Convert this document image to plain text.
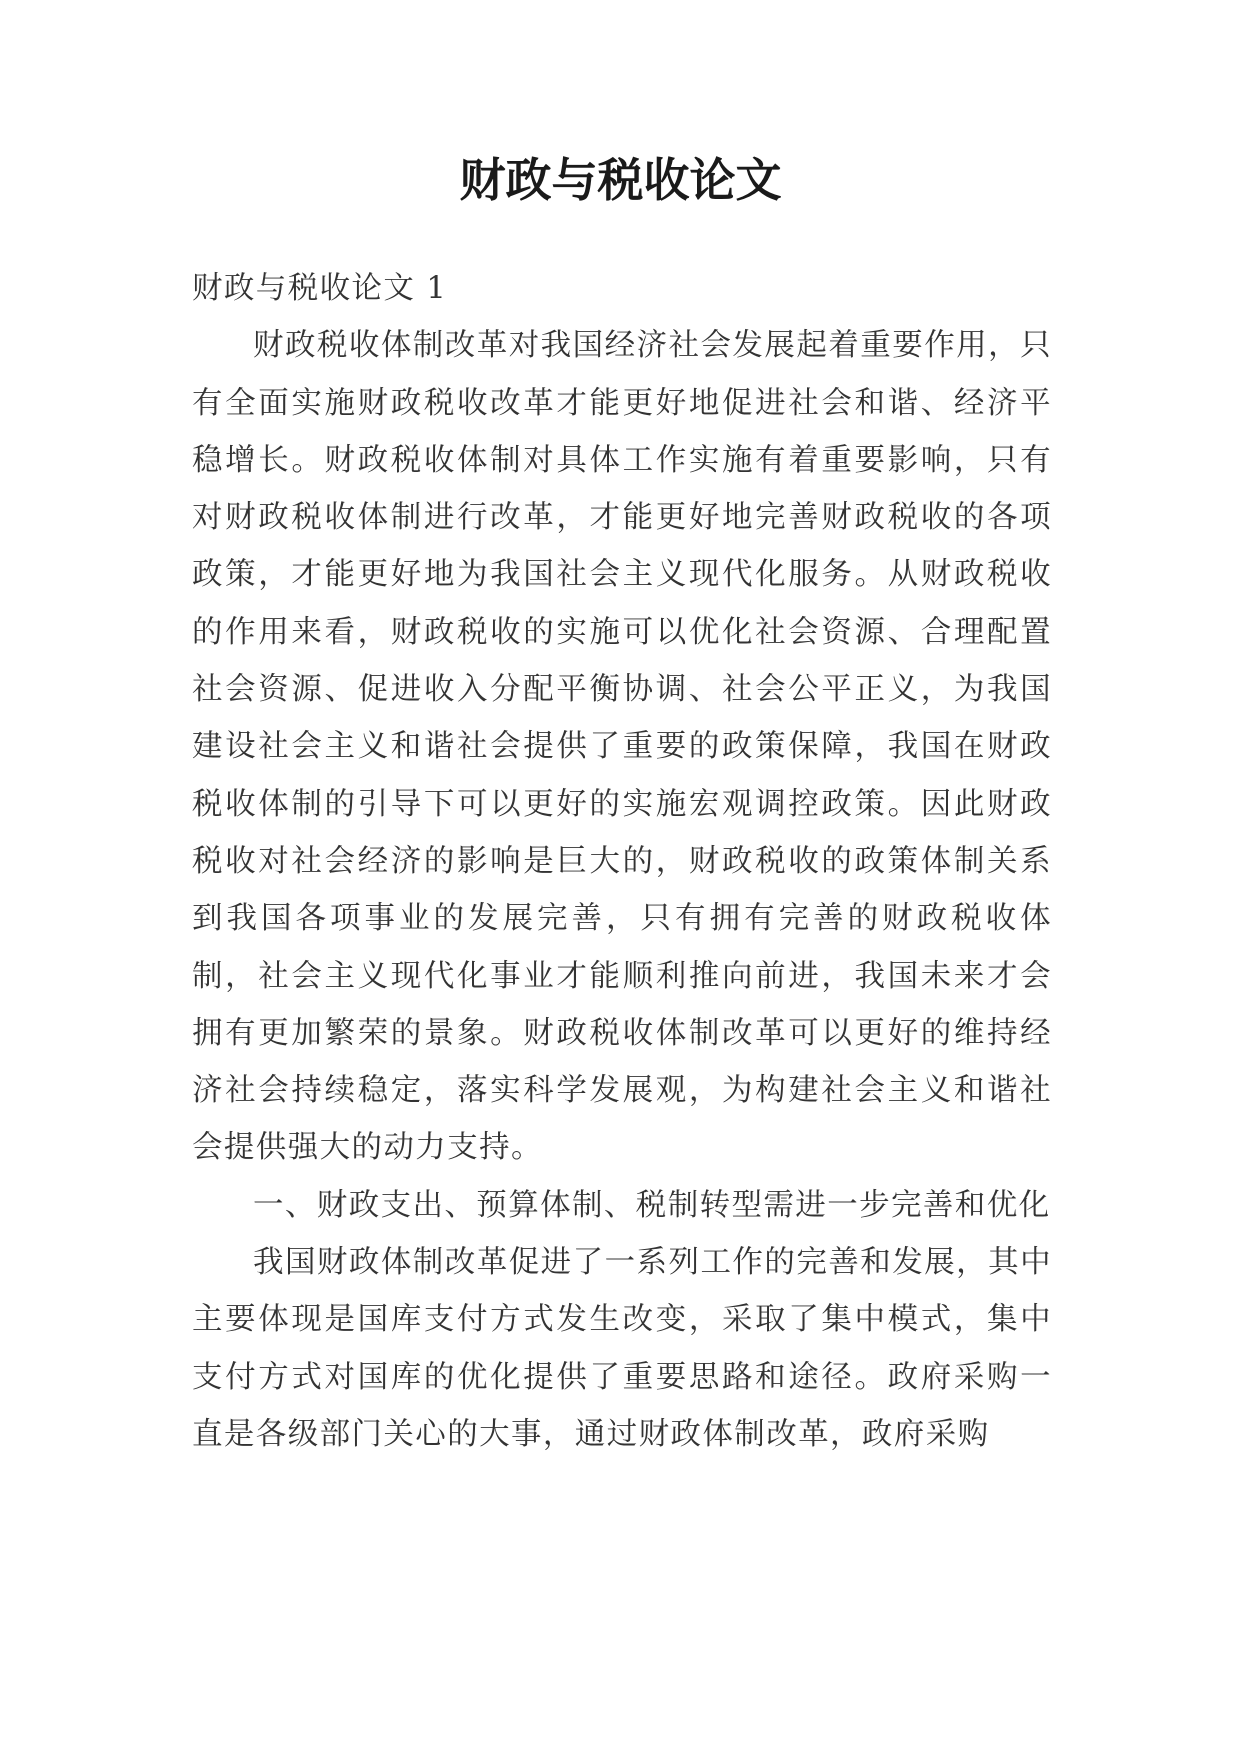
财政与税收论文

财政与税收论文 1

财政税收体制改革对我国经济社会发展起着重要作用，只有全面实施财政税收改革才能更好地促进社会和谐、经济平稳增长。财政税收体制对具体工作实施有着重要影响，只有对财政税收体制进行改革，才能更好地完善财政税收的各项政策，才能更好地为我国社会主义现代化服务。从财政税收的作用来看，财政税收的实施可以优化社会资源、合理配置社会资源、促进收入分配平衡协调、社会公平正义，为我国建设社会主义和谐社会提供了重要的政策保障，我国在财政税收体制的引导下可以更好的实施宏观调控政策。因此财政税收对社会经济的影响是巨大的，财政税收的政策体制关系到我国各项事业的发展完善，只有拥有完善的财政税收体制，社会主义现代化事业才能顺利推向前进，我国未来才会拥有更加繁荣的景象。财政税收体制改革可以更好的维持经济社会持续稳定，落实科学发展观，为构建社会主义和谐社会提供强大的动力支持。

一、财政支出、预算体制、税制转型需进一步完善和优化

我国财政体制改革促进了一系列工作的完善和发展，其中主要体现是国库支付方式发生改变，采取了集中模式，集中支付方式对国库的优化提供了重要思路和途径。政府采购一直是各级部门关心的大事，通过财政体制改革，政府采购
